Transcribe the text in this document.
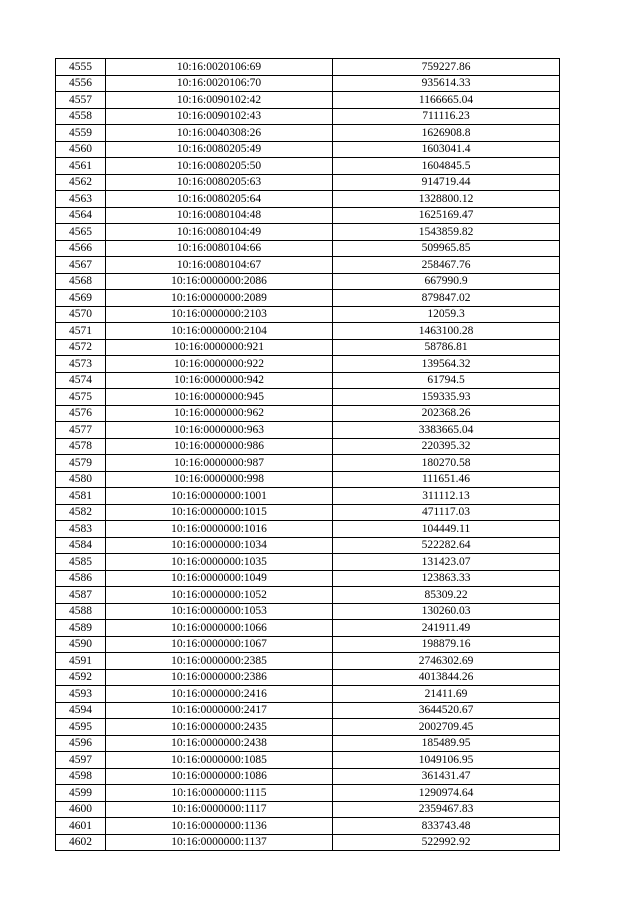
4555	10:16:0020106:69	759227.86
4556	10:16:0020106:70	935614.33
4557	10:16:0090102:42	1166665.04
4558	10:16:0090102:43	711116.23
4559	10:16:0040308:26	1626908.8
4560	10:16:0080205:49	1603041.4
4561	10:16:0080205:50	1604845.5
4562	10:16:0080205:63	914719.44
4563	10:16:0080205:64	1328800.12
4564	10:16:0080104:48	1625169.47
4565	10:16:0080104:49	1543859.82
4566	10:16:0080104:66	509965.85
4567	10:16:0080104:67	258467.76
4568	10:16:0000000:2086	667990.9
4569	10:16:0000000:2089	879847.02
4570	10:16:0000000:2103	12059.3
4571	10:16:0000000:2104	1463100.28
4572	10:16:0000000:921	58786.81
4573	10:16:0000000:922	139564.32
4574	10:16:0000000:942	61794.5
4575	10:16:0000000:945	159335.93
4576	10:16:0000000:962	202368.26
4577	10:16:0000000:963	3383665.04
4578	10:16:0000000:986	220395.32
4579	10:16:0000000:987	180270.58
4580	10:16:0000000:998	111651.46
4581	10:16:0000000:1001	311112.13
4582	10:16:0000000:1015	471117.03
4583	10:16:0000000:1016	104449.11
4584	10:16:0000000:1034	522282.64
4585	10:16:0000000:1035	131423.07
4586	10:16:0000000:1049	123863.33
4587	10:16:0000000:1052	85309.22
4588	10:16:0000000:1053	130260.03
4589	10:16:0000000:1066	241911.49
4590	10:16:0000000:1067	198879.16
4591	10:16:0000000:2385	2746302.69
4592	10:16:0000000:2386	4013844.26
4593	10:16:0000000:2416	21411.69
4594	10:16:0000000:2417	3644520.67
4595	10:16:0000000:2435	2002709.45
4596	10:16:0000000:2438	185489.95
4597	10:16:0000000:1085	1049106.95
4598	10:16:0000000:1086	361431.47
4599	10:16:0000000:1115	1290974.64
4600	10:16:0000000:1117	2359467.83
4601	10:16:0000000:1136	833743.48
4602	10:16:0000000:1137	522992.92
